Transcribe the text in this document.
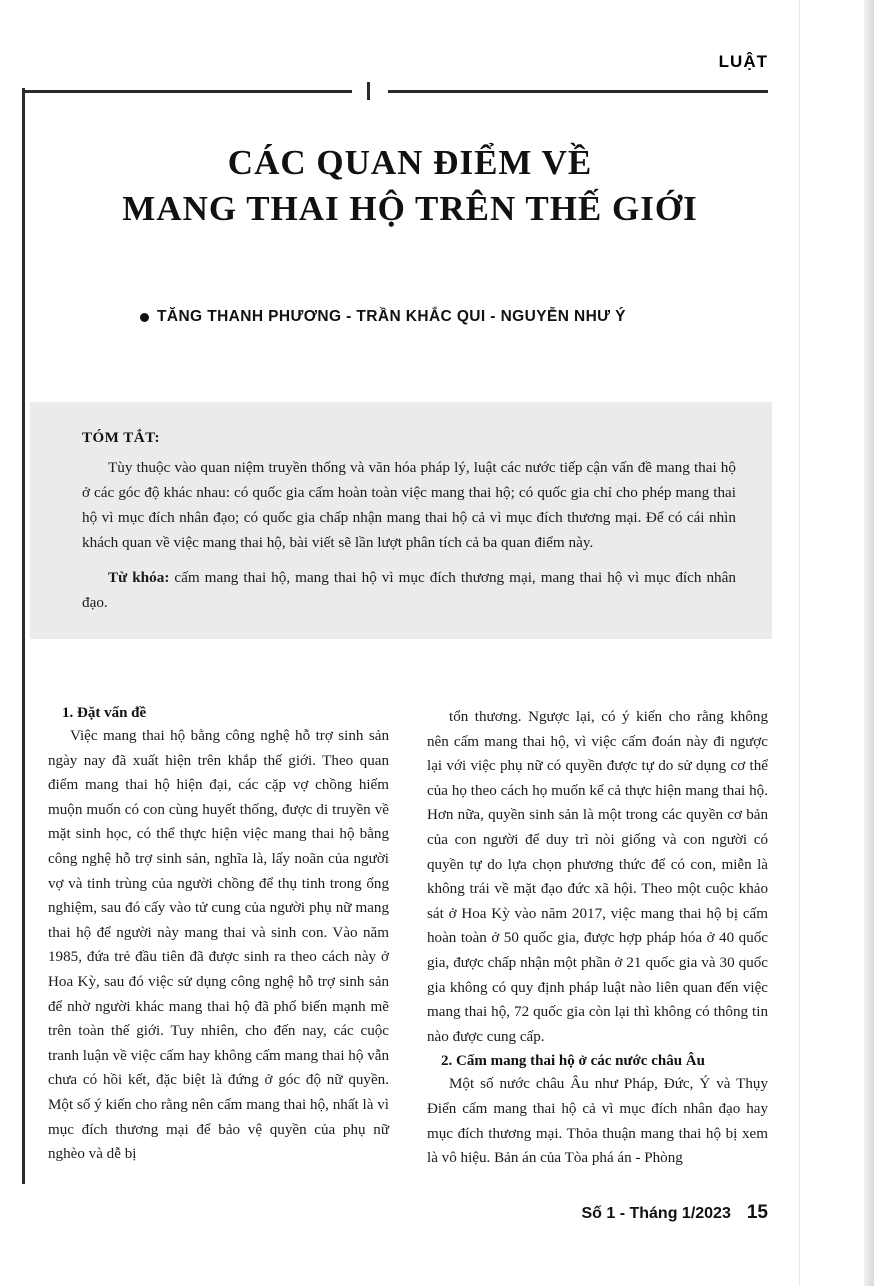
LUẬT
CÁC QUAN ĐIỂM VỀ
MANG THAI HỘ TRÊN THẾ GIỚI
TĂNG THANH PHƯƠNG - TRẦN KHẮC QUI - NGUYỄN NHƯ Ý
TÓM TẮT:

Tùy thuộc vào quan niệm truyền thống và văn hóa pháp lý, luật các nước tiếp cận vấn đề mang thai hộ ở các góc độ khác nhau: có quốc gia cấm hoàn toàn việc mang thai hộ; có quốc gia chỉ cho phép mang thai hộ vì mục đích nhân đạo; có quốc gia chấp nhận mang thai hộ cả vì mục đích thương mại. Để có cái nhìn khách quan về việc mang thai hộ, bài viết sẽ lần lượt phân tích cả ba quan điểm này.

Từ khóa: cấm mang thai hộ, mang thai hộ vì mục đích thương mại, mang thai hộ vì mục đích nhân đạo.

1. Đặt vấn đề

Việc mang thai hộ bằng công nghệ hỗ trợ sinh sản ngày nay đã xuất hiện trên khắp thế giới. Theo quan điểm mang thai hộ hiện đại, các cặp vợ chồng hiếm muộn muốn có con cùng huyết thống, được di truyền về mặt sinh học, có thể thực hiện việc mang thai hộ bằng công nghệ hỗ trợ sinh sản, nghĩa là, lấy noãn của người vợ và tinh trùng của người chồng để thụ tinh trong ống nghiệm, sau đó cấy vào tử cung của người phụ nữ mang thai hộ để người này mang thai và sinh con. Vào năm 1985, đứa trẻ đầu tiên đã được sinh ra theo cách này ở Hoa Kỳ, sau đó việc sử dụng công nghệ hỗ trợ sinh sản để nhờ người khác mang thai hộ đã phổ biến mạnh mẽ trên toàn thế giới. Tuy nhiên, cho đến nay, các cuộc tranh luận về việc cấm hay không cấm mang thai hộ vẫn chưa có hồi kết, đặc biệt là đứng ở góc độ nữ quyền. Một số ý kiến cho rằng nên cấm mang thai hộ, nhất là vì mục đích thương mại để bảo vệ quyền của phụ nữ nghèo và dễ bị

tổn thương. Ngược lại, có ý kiến cho rằng không nên cấm mang thai hộ, vì việc cấm đoán này đi ngược lại với việc phụ nữ có quyền được tự do sử dụng cơ thể của họ theo cách họ muốn kể cả thực hiện mang thai hộ. Hơn nữa, quyền sinh sản là một trong các quyền cơ bản của con người để duy trì nòi giống và con người có quyền tự do lựa chọn phương thức để có con, miễn là không trái về mặt đạo đức xã hội. Theo một cuộc khảo sát ở Hoa Kỳ vào năm 2017, việc mang thai hộ bị cấm hoàn toàn ở 50 quốc gia, được hợp pháp hóa ở 40 quốc gia, được chấp nhận một phần ở 21 quốc gia và 30 quốc gia không có quy định pháp luật nào liên quan đến việc mang thai hộ, 72 quốc gia còn lại thì không có thông tin nào được cung cấp.

2. Cấm mang thai hộ ở các nước châu Âu

Một số nước châu Âu như Pháp, Đức, Ý và Thụy Điển cấm mang thai hộ cả vì mục đích nhân đạo hay mục đích thương mại. Thỏa thuận mang thai hộ bị xem là vô hiệu. Bản án của Tòa phá án - Phòng

Số 1 - Tháng 1/2023 15
